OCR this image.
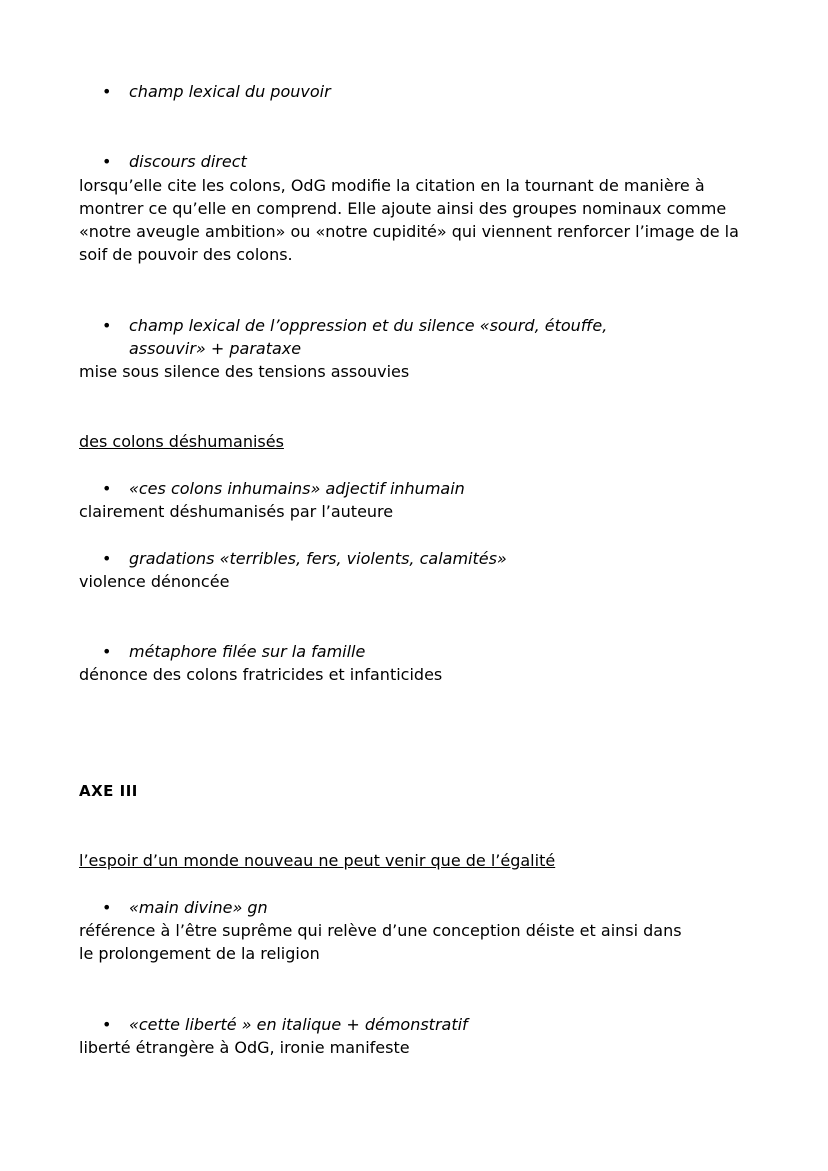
• champ lexical du pouvoir
• discours direct
lorsqu’elle cite les colons, OdG modifie la citation en la tournant de manière à montrer ce qu’elle en comprend. Elle ajoute ainsi des groupes nominaux comme «notre aveugle ambition» ou «notre cupidité» qui viennent renforcer l’image de la soif de pouvoir des colons.
• champ lexical de l’oppression et du silence «sourd, étouffe, assouvir» + parataxe
mise sous silence des tensions assouvies
des colons déshumanisés
• «ces colons inhumains» adjectif inhumain
clairement déshumanisés par l’auteure
• gradations «terribles, fers, violents, calamités»
violence dénoncée
• métaphore filée sur la famille
dénonce des colons fratricides et infanticides
AXE III
l’espoir d’un monde nouveau ne peut venir que de l’égalité
• «main divine» gn
référence à l’être suprême qui relève d’une conception déiste et ainsi dans le prolongement de la religion
• «cette liberté » en italique + démonstratif
liberté étrangère à OdG, ironie manifeste
